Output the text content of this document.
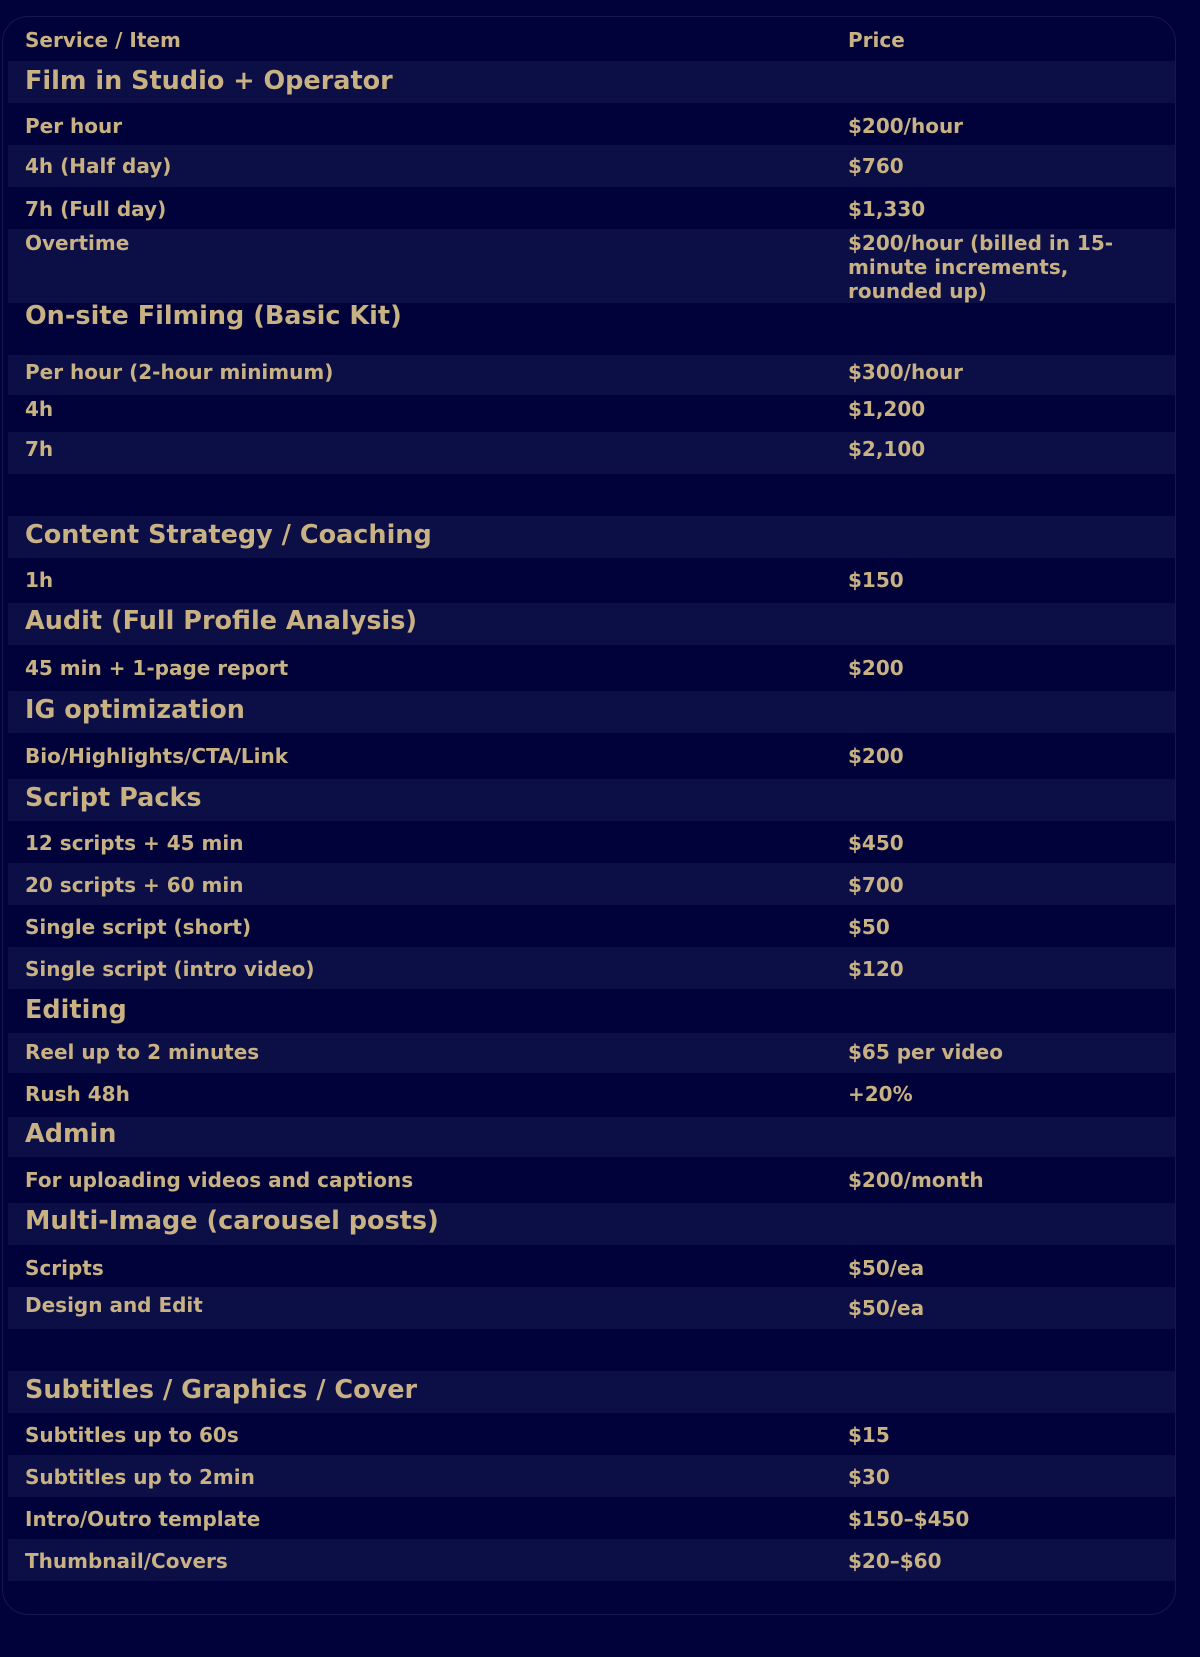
Service / Item	Price
Film in Studio + Operator
Per hour	$200/hour
4h (Half day)	$760
7h (Full day)	$1,330
Overtime	$200/hour (billed in 15-minute increments, rounded up)
On-site Filming (Basic Kit)
Per hour (2-hour minimum)	$300/hour
4h	$1,200
7h	$2,100
Content Strategy / Coaching
1h	$150
Audit (Full Profile Analysis)
45 min + 1-page report	$200
IG optimization
Bio/Highlights/CTA/Link	$200
Script Packs
12 scripts + 45 min	$450
20 scripts + 60 min	$700
Single script (short)	$50
Single script (intro video)	$120
Editing
Reel up to 2 minutes	$65 per video
Rush 48h	+20%
Admin
For uploading videos and captions	$200/month
Multi-Image (carousel posts)
Scripts	$50/ea
Design and Edit	$50/ea
Subtitles / Graphics / Cover
Subtitles up to 60s	$15
Subtitles up to 2min	$30
Intro/Outro template	$150–$450
Thumbnail/Covers	$20–$60
